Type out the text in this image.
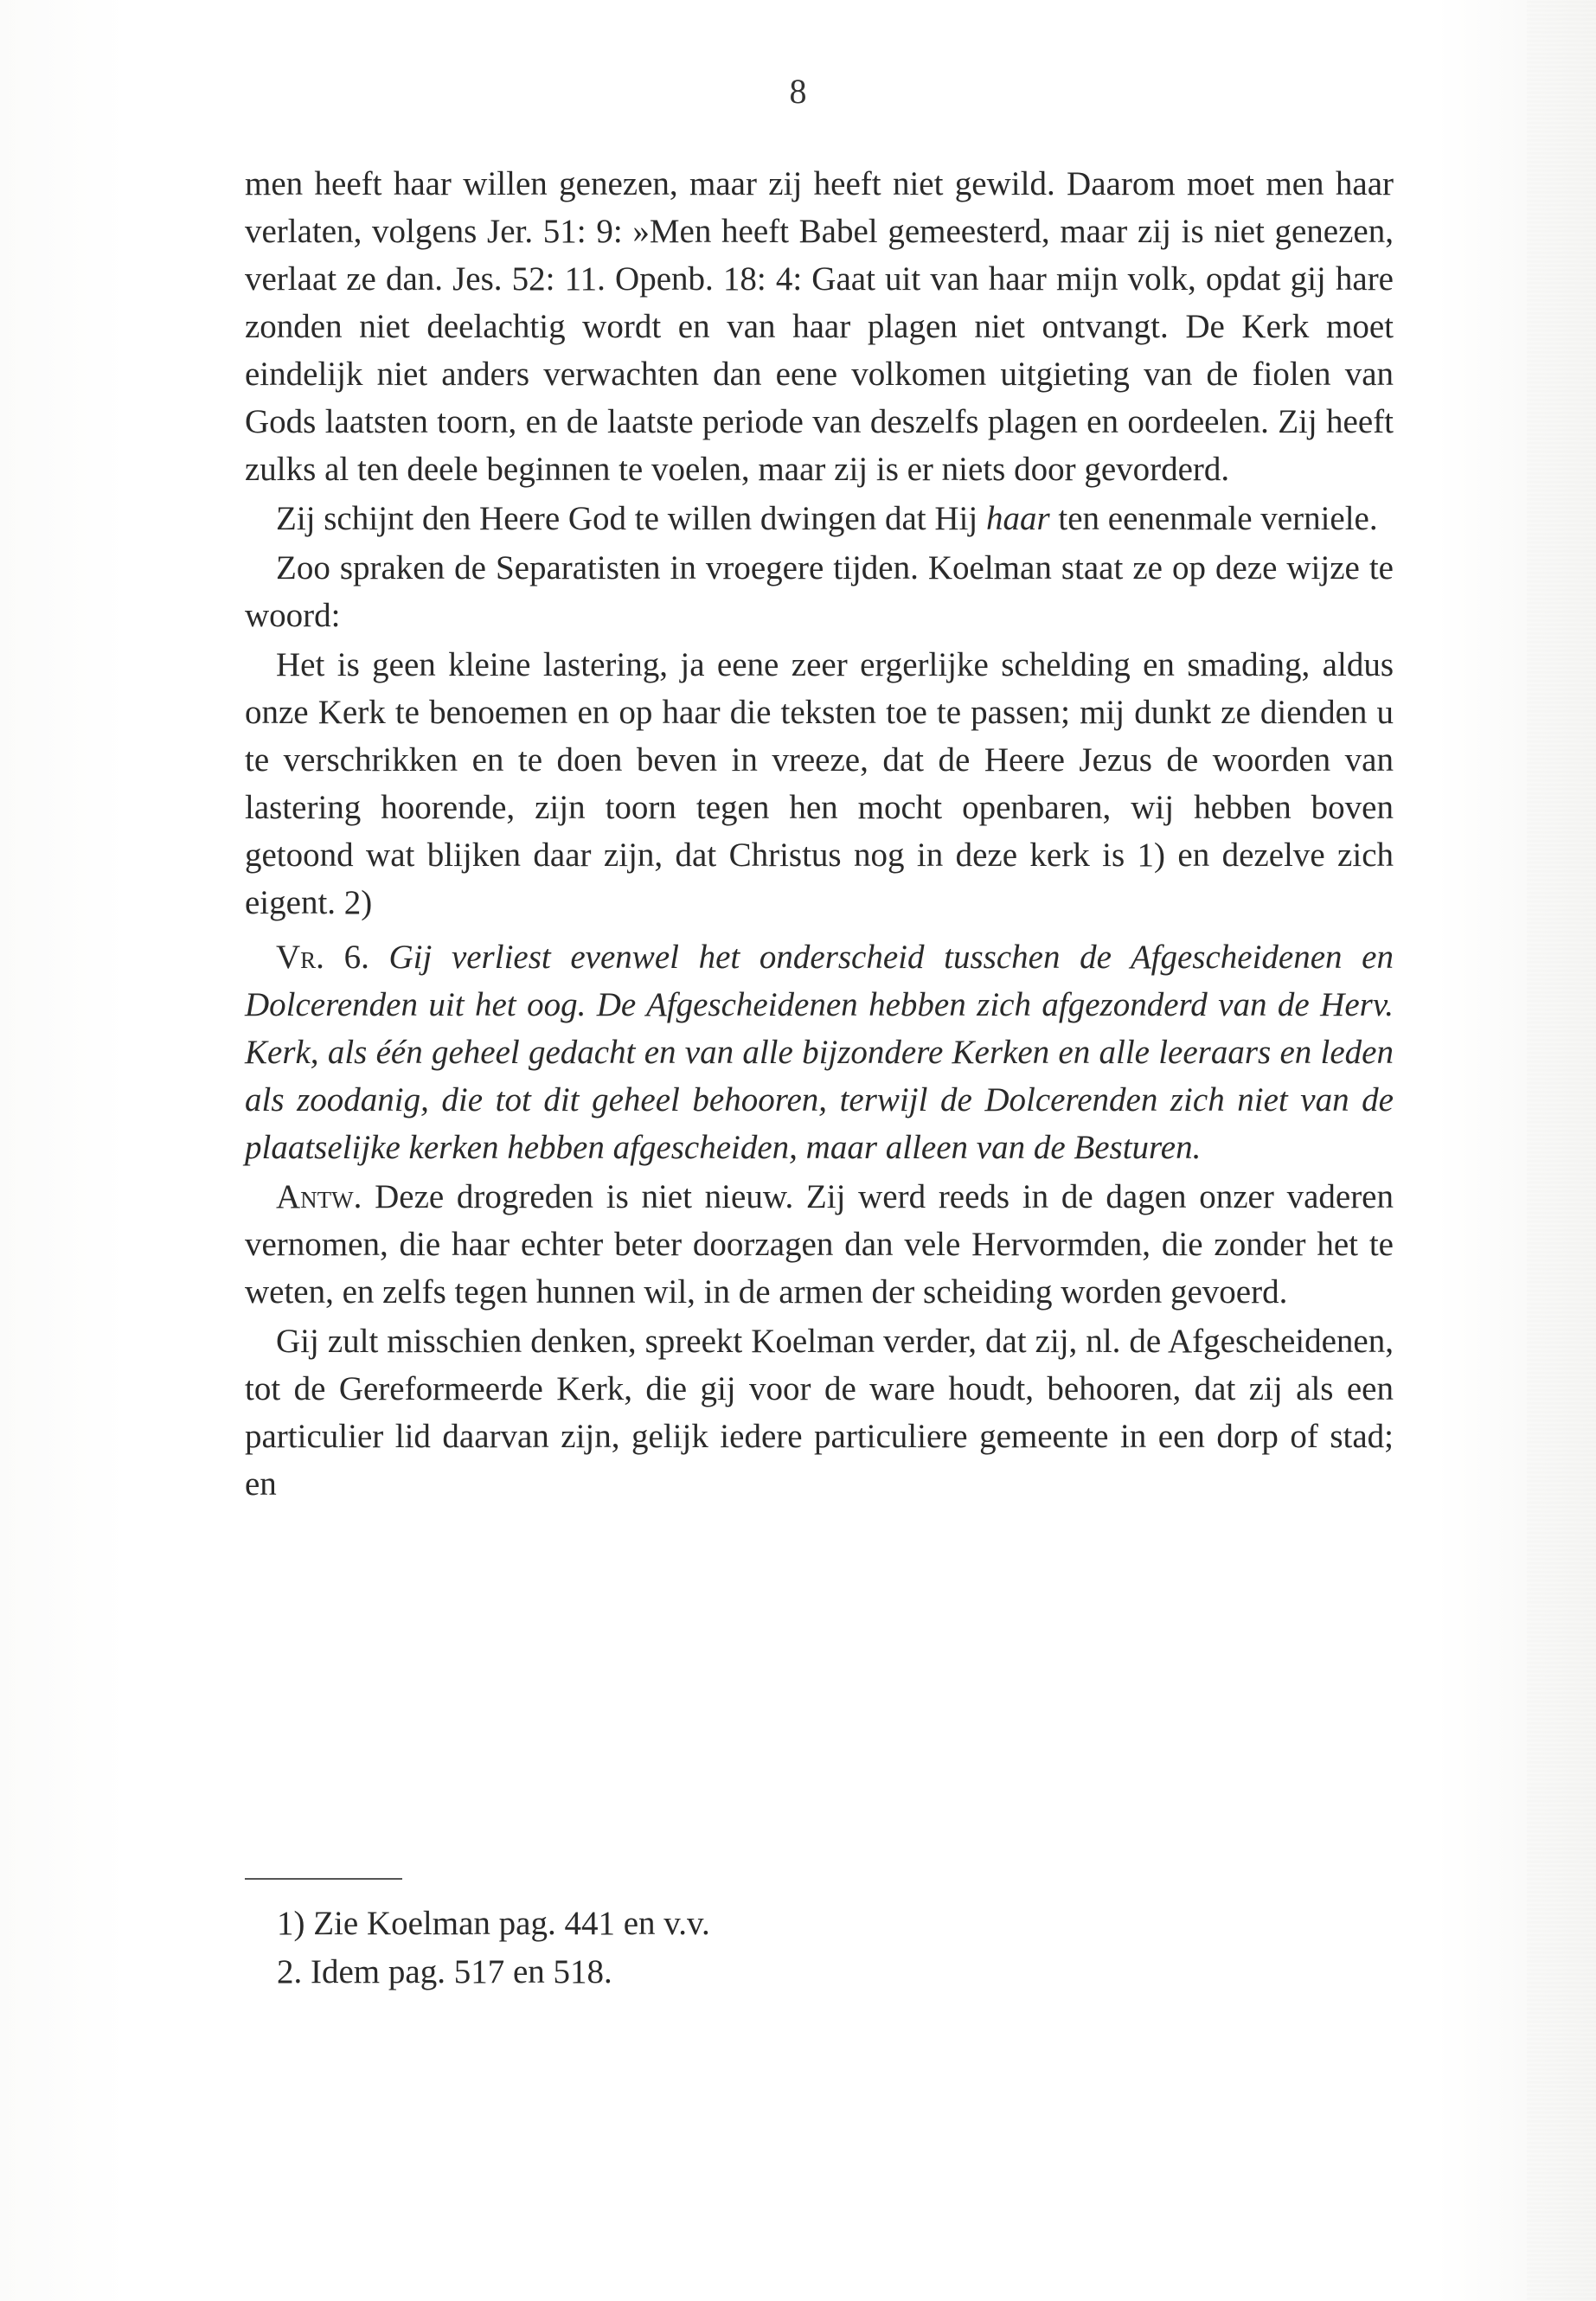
8

men heeft haar willen genezen, maar zij heeft niet gewild. Daarom moet men haar verlaten, volgens Jer. 51: 9: »Men heeft Babel gemeesterd, maar zij is niet genezen, verlaat ze dan. Jes. 52: 11. Openb. 18: 4: Gaat uit van haar mijn volk, opdat gij hare zonden niet deelachtig wordt en van haar plagen niet ontvangt. De Kerk moet eindelijk niet anders verwachten dan eene volkomen uitgieting van de fiolen van Gods laatsten toorn, en de laatste periode van deszelfs plagen en oordeelen. Zij heeft zulks al ten deele beginnen te voelen, maar zij is er niets door gevorderd.

Zij schijnt den Heere God te willen dwingen dat Hij haar ten eenenmale verniele.

Zoo spraken de Separatisten in vroegere tijden. Koelman staat ze op deze wijze te woord:

Het is geen kleine lastering, ja eene zeer ergerlijke schelding en smading, aldus onze Kerk te benoemen en op haar die teksten toe te passen; mij dunkt ze dienden u te verschrikken en te doen beven in vreeze, dat de Heere Jezus de woorden van lastering hoorende, zijn toorn tegen hen mocht openbaren, wij hebben boven getoond wat blijken daar zijn, dat Christus nog in deze kerk is 1) en dezelve zich eigent. 2)

Vr. 6. Gij verliest evenwel het onderscheid tusschen de Afgescheidenen en Dolcerenden uit het oog. De Afgescheidenen hebben zich afgezonderd van de Herv. Kerk, als één geheel gedacht en van alle bijzondere Kerken en alle leeraars en leden als zoodanig, die tot dit geheel behooren, terwijl de Dolcerenden zich niet van de plaatselijke kerken hebben afgescheiden, maar alleen van de Besturen.

Antw. Deze drogreden is niet nieuw. Zij werd reeds in de dagen onzer vaderen vernomen, die haar echter beter doorzagen dan vele Hervormden, die zonder het te weten, en zelfs tegen hunnen wil, in de armen der scheiding worden gevoerd.

Gij zult misschien denken, spreekt Koelman verder, dat zij, nl. de Afgescheidenen, tot de Gereformeerde Kerk, die gij voor de ware houdt, behooren, dat zij als een particulier lid daarvan zijn, gelijk iedere particuliere gemeente in een dorp of stad; en

1) Zie Koelman pag. 441 en v.v.

2. Idem pag. 517 en 518.
